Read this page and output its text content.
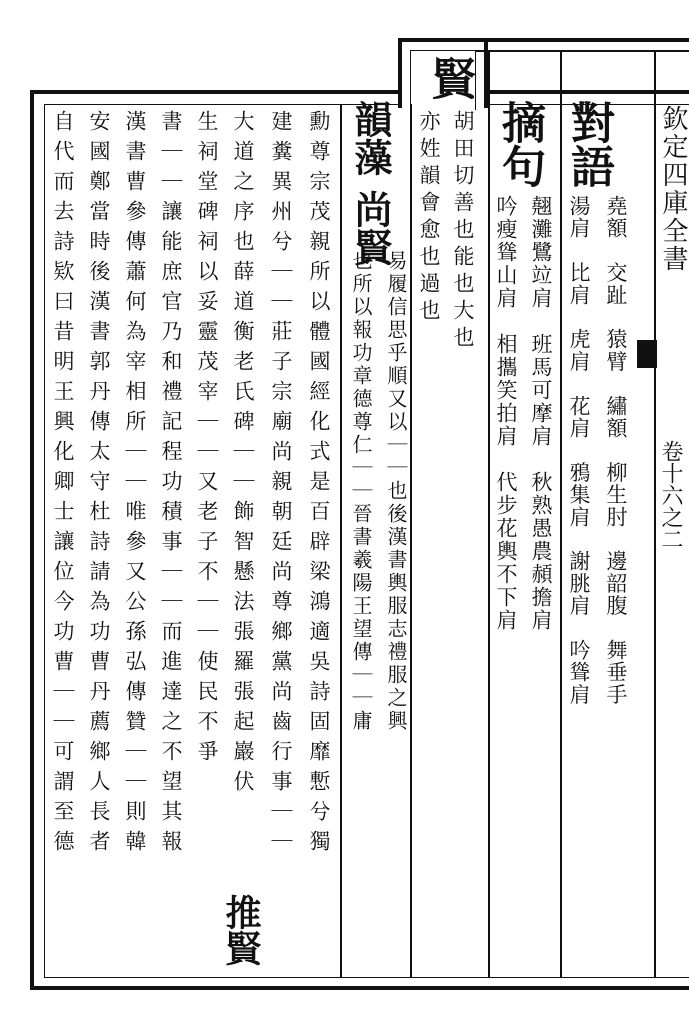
欽定四庫全書
卷十六之二
對語
堯額　交趾　猿臂　繡額　柳生肘　邊韶腹　舞垂手
湯肩　比肩　虎肩　花肩　鴉集肩　謝朓肩　吟聳肩
摘句
翹灘鷺竝肩　班馬可摩肩　秋熟愚農頳擔肩
吟瘦聳山肩　相攜笑拍肩　代步花輿不下肩
賢
胡田切善也能也大也
亦姓韻會愈也過也
韻藻
尚賢
易履信思乎順又以｜｜也後漢書輿服志禮服之興
也所以報功章德尊仁｜｜晉書羲陽王望傳｜｜庸
勳尊宗茂親所以體國經化式是百辟梁鴻適吳詩固靡慙兮獨
建糞異州兮｜｜莊子宗廟尚親朝廷尚尊鄉黨尚齒行事｜｜
大道之序也薛道衡老氏碑｜｜飾智懸法張羅張起巖伏
推賢
生祠堂碑祠以妥靈茂宰｜｜又老子不｜｜使民不爭
書｜｜讓能庶官乃和禮記程功積事｜｜而進達之不望其報
漢書曹參傳蕭何為宰相所｜｜唯參又公孫弘傳贊｜｜則韓
安國鄭當時後漢書郭丹傳太守杜詩請為功曹丹薦鄉人長者
自代而去詩欵曰昔明王興化卿士讓位今功曹｜｜可謂至德
